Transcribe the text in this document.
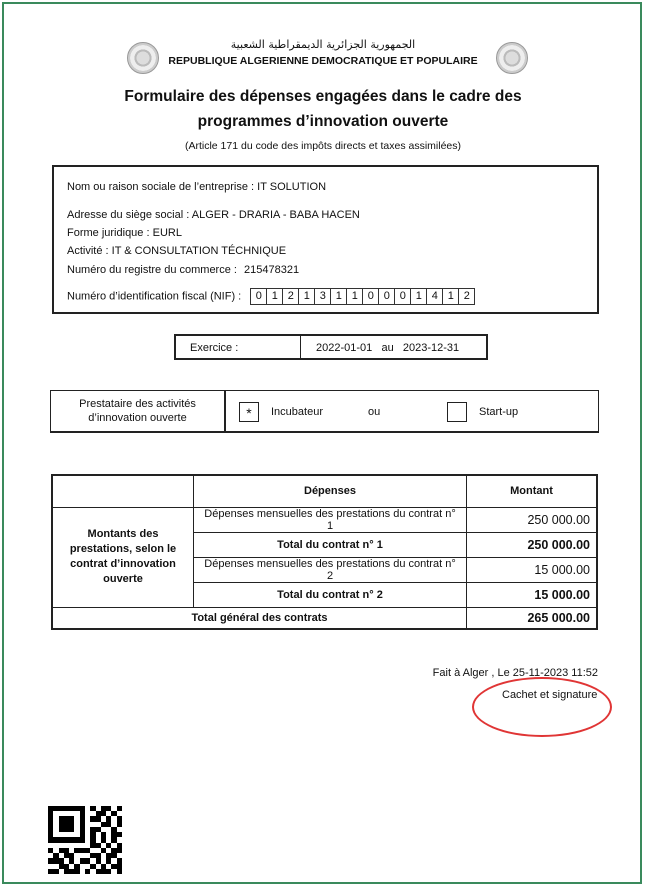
الجمهورية الجزائرية الديمقراطية الشعبية
REPUBLIQUE ALGERIENNE DEMOCRATIQUE ET POPULAIRE
Formulaire des dépenses engagées dans le cadre des
programmes d’innovation ouverte
(Article 171 du code des impôts directs et taxes assimilées)
Nom ou raison sociale de l’entreprise : IT SOLUTION
Adresse du siège social : ALGER - DRARIA - BABA HACEN
Forme juridique : EURL
Activité : IT & CONSULTATION TÉCHNIQUE
Numéro du registre du commerce : 215478321
Numéro d’identification fiscal (NIF) :	0 1 2 1 3 1 1 0 0 0 1 4 1 2
Exercice :	2022-01-01 au 2023-12-31
Prestataire des activités
d’innovation ouverte	*	Incubateur	ou	Start-up
	Dépenses	Montant
Montants des prestations, selon le contrat d’innovation ouverte	Dépenses mensuelles des prestations du contrat n° 1	250 000.00
	Total du contrat n° 1	250 000.00
	Dépenses mensuelles des prestations du contrat n° 2	15 000.00
	Total du contrat n° 2	15 000.00
Total général des contrats		265 000.00
Fait à Alger , Le 25-11-2023 11:52
Cachet et signature
